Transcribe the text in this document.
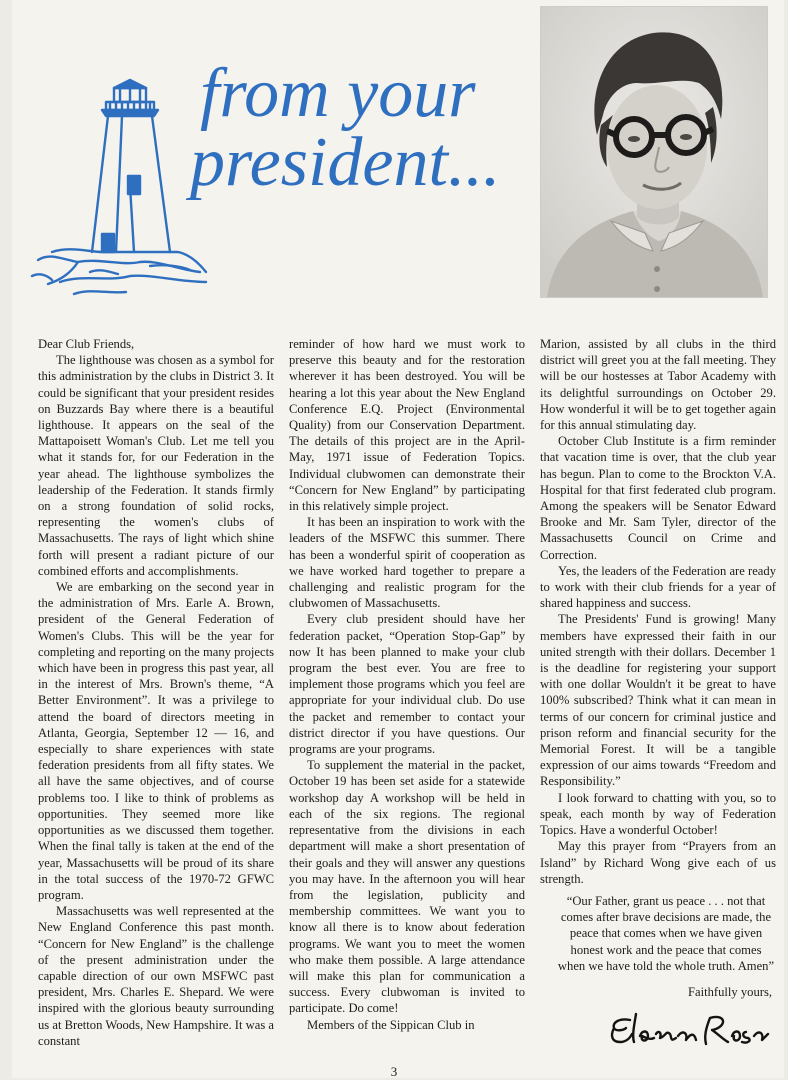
from your
president...

Dear Club Friends,

The lighthouse was chosen as a symbol for this administration by the clubs in District 3. It could be significant that your president resides on Buzzards Bay where there is a beautiful lighthouse. It appears on the seal of the Mattapoisett Woman's Club. Let me tell you what it stands for, for our Federation in the year ahead. The lighthouse symbolizes the leadership of the Federation. It stands firmly on a strong foundation of solid rocks, representing the women's clubs of Massachusetts. The rays of light which shine forth will present a radiant picture of our combined efforts and accomplishments.

We are embarking on the second year in the administration of Mrs. Earle A. Brown, president of the General Federation of Women's Clubs. This will be the year for completing and reporting on the many projects which have been in progress this past year, all in the interest of Mrs. Brown's theme, “A Better Environment”. It was a privilege to attend the board of directors meeting in Atlanta, Georgia, September 12 — 16, and especially to share experiences with state federation presidents from all fifty states. We all have the same objectives, and of course problems too. I like to think of problems as opportunities. They seemed more like opportunities as we discussed them together. When the final tally is taken at the end of the year, Massachusetts will be proud of its share in the total success of the 1970-72 GFWC program.

Massachusetts was well represented at the New England Conference this past month. “Concern for New England” is the challenge of the present administration under the capable direction of our own MSFWC past president, Mrs. Charles E. Shepard. We were inspired with the glorious beauty surrounding us at Bretton Woods, New Hampshire. It was a constant

reminder of how hard we must work to preserve this beauty and for the restoration wherever it has been destroyed. You will be hearing a lot this year about the New England Conference E.Q. Project (Environmental Quality) from our Conservation Department. The details of this project are in the April-May, 1971 issue of Federation Topics. Individual clubwomen can demonstrate their “Concern for New England” by participating in this relatively simple project.

It has been an inspiration to work with the leaders of the MSFWC this summer. There has been a wonderful spirit of cooperation as we have worked hard together to prepare a challenging and realistic program for the clubwomen of Massachusetts.

Every club president should have her federation packet, “Operation Stop-Gap” by now It has been planned to make your club program the best ever. You are free to implement those programs which you feel are appropriate for your individual club. Do use the packet and remember to contact your district director if you have questions. Our programs are your programs.

To supplement the material in the packet, October 19 has been set aside for a statewide workshop day A workshop will be held in each of the six regions. The regional representative from the divisions in each department will make a short presentation of their goals and they will answer any questions you may have. In the afternoon you will hear from the legislation, publicity and membership committees. We want you to know all there is to know about federation programs. We want you to meet the women who make them possible. A large attendance will make this plan for communication a success. Every clubwoman is invited to participate. Do come!

Members of the Sippican Club in

Marion, assisted by all clubs in the third district will greet you at the fall meeting. They will be our hostesses at Tabor Academy with its delightful surroundings on October 29. How wonderful it will be to get together again for this annual stimulating day.

October Club Institute is a firm reminder that vacation time is over, that the club year has begun. Plan to come to the Brockton V.A. Hospital for that first federated club program. Among the speakers will be Senator Edward Brooke and Mr. Sam Tyler, director of the Massachusetts Council on Crime and Correction.

Yes, the leaders of the Federation are ready to work with their club friends for a year of shared happiness and success.

The Presidents' Fund is growing! Many members have expressed their faith in our united strength with their dollars. December 1 is the deadline for registering your support with one dollar Wouldn't it be great to have 100% subscribed? Think what it can mean in terms of our concern for criminal justice and prison reform and financial security for the Memorial Forest. It will be a tangible expression of our aims towards “Freedom and Responsibility.”

I look forward to chatting with you, so to speak, each month by way of Federation Topics. Have a wonderful October!

May this prayer from “Prayers from an Island” by Richard Wong give each of us strength.

“Our Father, grant us peace . . . not that comes after brave decisions are made, the peace that comes when we have given honest work and the peace that comes when we have told the whole truth. Amen”

Faithfully yours,

3
